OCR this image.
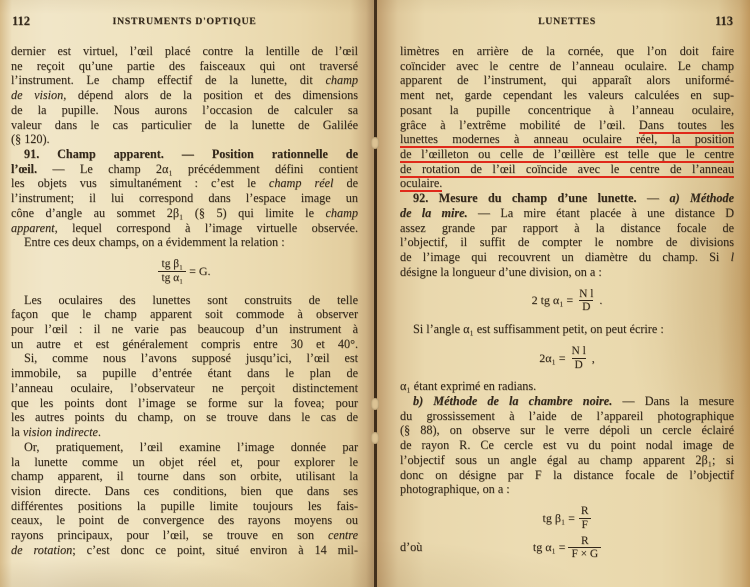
112	INSTRUMENTS D'OPTIQUE
dernier est virtuel, l’œil placé contre la lentille de l’œil
ne reçoit qu’une partie des faisceaux qui ont traversé
l’instrument. Le champ effectif de la lunette, dit champ
de vision, dépend alors de la position et des dimensions
de la pupille. Nous aurons l’occasion de calculer sa
valeur dans le cas particulier de la lunette de Galilée
(§ 120).
91. Champ apparent. — Position rationnelle de
l’œil. — Le champ 2α₁ précédemment défini contient
les objets vus simultanément : c’est le champ réel de
l’instrument; il lui correspond dans l’espace image un
cône d’angle au sommet 2β₁ (§ 5) qui limite le champ
apparent, lequel correspond à l’image virtuelle observée.
Entre ces deux champs, on a évidemment la relation :
$\frac{\text{tg β₁}}{\text{tg α₁}} = G$.
Les oculaires des lunettes sont construits de telle
façon que le champ apparent soit commode à observer
pour l’œil : il ne varie pas beaucoup d’un instrument à
un autre et est généralement compris entre 30 et 40°.
Si, comme nous l’avons supposé jusqu’ici, l’œil est
immobile, sa pupille d’entrée étant dans le plan de
l’anneau oculaire, l’observateur ne perçoit distinctement
que les points dont l’image se forme sur la fovea; pour
les autres points du champ, on se trouve dans le cas de
la vision indirecte.
Or, pratiquement, l’œil examine l’image donnée par
la lunette comme un objet réel et, pour explorer le
champ apparent, il tourne dans son orbite, utilisant la
vision directe. Dans ces conditions, bien que dans ses
différentes positions la pupille limite toujours les fais-
ceaux, le point de convergence des rayons moyens ou
rayons principaux, pour l’œil, se trouve en son centre
de rotation; c’est donc ce point, situé environ à 14 mil-
LUNETTES	113
limètres en arrière de la cornée, que l’on doit faire
coïncider avec le centre de l’anneau oculaire. Le champ
apparent de l’instrument, qui apparaît alors uniformé-
ment net, garde cependant les valeurs calculées en sup-
posant la pupille concentrique à l’anneau oculaire,
grâce à l’extrême mobilité de l’œil. Dans toutes les
lunettes modernes à anneau oculaire réel, la position
de l’œilleton ou celle de l’œillère est telle que le centre
de rotation de l’œil coïncide avec le centre de l’anneau
oculaire.
92. Mesure du champ d’une lunette. — a) Méthode
de la mire. — La mire étant placée à une distance D
assez grande par rapport à la distance focale de
l’objectif, il suffit de compter le nombre de divisions
de l’image qui recouvrent un diamètre du champ. Si l
désigne la longueur d’une division, on a :
2 tg $\alpha_1 = \frac{\text{N l}}{D}$ .
Si l’angle α₁ est suffisamment petit, on peut écrire :
$2\alpha_1 = \frac{\text{N l}}{D}$ ,
α₁ étant exprimé en radians.
b) Méthode de la chambre noire. — Dans la mesure
du grossissement à l’aide de l’appareil photographique
(§ 88), on observe sur le verre dépoli un cercle éclairé
de rayon R. Ce cercle est vu du point nodal image de
l’objectif sous un angle égal au champ apparent 2β₁; si
donc on désigne par F la distance focale de l’objectif
photographique, on a :
tg $\beta_1 = \frac{R}{F}$
d’où	tg $\alpha_1 = \frac{R}{F \times G}$
